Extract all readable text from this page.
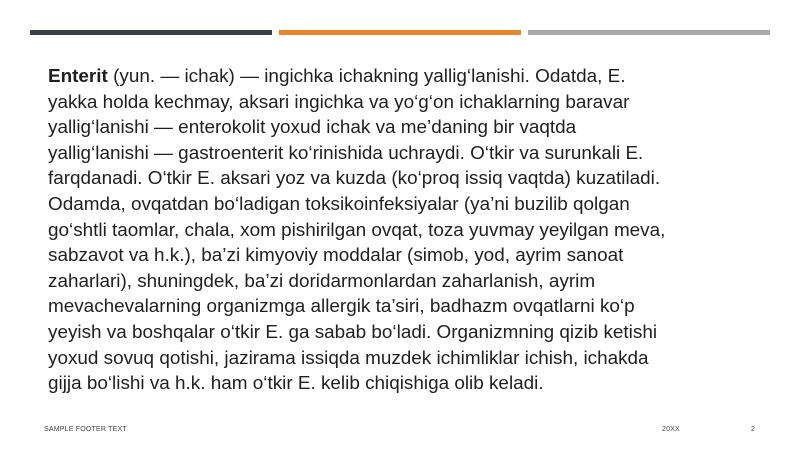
Enterit (yun. — ichak) — ingichka ichakning yallig‘lanishi. Odatda, E.
yakka holda kechmay, aksari ingichka va yo‘g‘on ichaklarning baravar
yallig‘lanishi — enterokolit yoxud ichak va me’daning bir vaqtda
yallig‘lanishi — gastroenterit ko‘rinishida uchraydi. O‘tkir va surunkali E.
farqdanadi. O‘tkir E. aksari yoz va kuzda (ko‘proq issiq vaqtda) kuzatiladi.
Odamda, ovqatdan bo‘ladigan toksikoinfeksiyalar (ya’ni buzilib qolgan
go‘shtli taomlar, chala, xom pishirilgan ovqat, toza yuvmay yeyilgan meva,
sabzavot va h.k.), ba’zi kimyoviy moddalar (simob, yod, ayrim sanoat
zaharlari), shuningdek, ba’zi doridarmonlardan zaharlanish, ayrim
mevachevalarning organizmga allergik ta’siri, badhazm ovqatlarni ko‘p
yeyish va boshqalar o‘tkir E. ga sabab bo‘ladi. Organizmning qizib ketishi
yoxud sovuq qotishi, jazirama issiqda muzdek ichimliklar ichish, ichakda
gijja bo‘lishi va h.k. ham o‘tkir E. kelib chiqishiga olib keladi.

SAMPLE FOOTER TEXT	20XX	2
